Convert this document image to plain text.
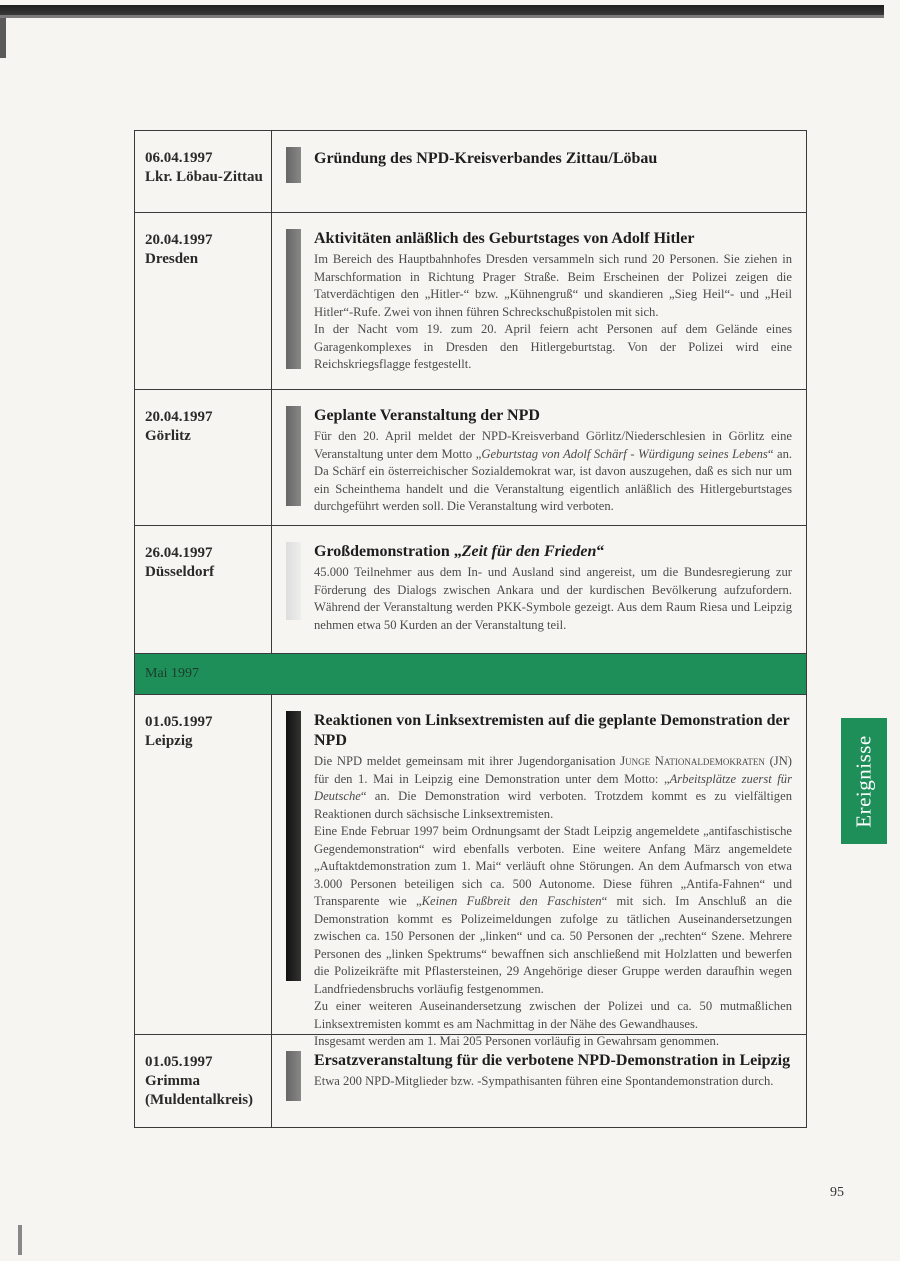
06.04.1997
Lkr. Löbau-Zittau
Gründung des NPD-Kreisverbandes Zittau/Löbau
20.04.1997
Dresden
Aktivitäten anläßlich des Geburtstages von Adolf Hitler

Im Bereich des Hauptbahnhofes Dresden versammeln sich rund 20 Personen. Sie ziehen in Marschformation in Richtung Prager Straße. Beim Erscheinen der Polizei zeigen die Tatverdächtigen den „Hitler-“ bzw. „Kühnengruß“ und skandieren „Sieg Heil“- und „Heil Hitler“-Rufe. Zwei von ihnen führen Schreckschußpistolen mit sich.

In der Nacht vom 19. zum 20. April feiern acht Personen auf dem Gelände eines Garagenkomplexes in Dresden den Hitlergeburtstag. Von der Polizei wird eine Reichskriegsflagge festgestellt.

20.04.1997
Görlitz
Geplante Veranstaltung der NPD

Für den 20. April meldet der NPD-Kreisverband Görlitz/Niederschlesien in Görlitz eine Veranstaltung unter dem Motto „Geburtstag von Adolf Schärf - Würdigung seines Lebens“ an. Da Schärf ein österreichischer Sozialdemokrat war, ist davon auszugehen, daß es sich nur um ein Scheinthema handelt und die Veranstaltung eigentlich anläßlich des Hitlergeburtstages durchgeführt werden soll. Die Veranstaltung wird verboten.

26.04.1997
Düsseldorf
Großdemonstration „Zeit für den Frieden“

45.000 Teilnehmer aus dem In- und Ausland sind angereist, um die Bundesregierung zur Förderung des Dialogs zwischen Ankara und der kurdischen Bevölkerung aufzufordern. Während der Veranstaltung werden PKK-Symbole gezeigt. Aus dem Raum Riesa und Leipzig nehmen etwa 50 Kurden an der Veranstaltung teil.

Mai 1997
01.05.1997
Leipzig
Reaktionen von Linksextremisten auf die geplante Demonstration der NPD

Die NPD meldet gemeinsam mit ihrer Jugendorganisation Junge Nationaldemokraten (JN) für den 1. Mai in Leipzig eine Demonstration unter dem Motto: „Arbeitsplätze zuerst für Deutsche“ an. Die Demonstration wird verboten. Trotzdem kommt es zu vielfältigen Reaktionen durch sächsische Linksextremisten.

Eine Ende Februar 1997 beim Ordnungsamt der Stadt Leipzig angemeldete „antifaschistische Gegendemonstration“ wird ebenfalls verboten. Eine weitere Anfang März angemeldete „Auftaktdemonstration zum 1. Mai“ verläuft ohne Störungen. An dem Aufmarsch von etwa 3.000 Personen beteiligen sich ca. 500 Autonome. Diese führen „Antifa-Fahnen“ und Transparente wie „Keinen Fußbreit den Faschisten“ mit sich. Im Anschluß an die Demonstration kommt es Polizeimeldungen zufolge zu tätlichen Auseinandersetzungen zwischen ca. 150 Personen der „linken“ und ca. 50 Personen der „rechten“ Szene. Mehrere Personen des „linken Spektrums“ bewaffnen sich anschließend mit Holzlatten und bewerfen die Polizeikräfte mit Pflastersteinen, 29 Angehörige dieser Gruppe werden daraufhin wegen Landfriedensbruchs vorläufig festgenommen.

Zu einer weiteren Auseinandersetzung zwischen der Polizei und ca. 50 mutmaßlichen Linksextremisten kommt es am Nachmittag in der Nähe des Gewandhauses.

Insgesamt werden am 1. Mai 205 Personen vorläufig in Gewahrsam genommen.

01.05.1997
Grimma
(Muldentalkreis)
Ersatzveranstaltung für die verbotene NPD-Demonstration in Leipzig

Etwa 200 NPD-Mitglieder bzw. -Sympathisanten führen eine Spontandemonstration durch.

Ereignisse
95
